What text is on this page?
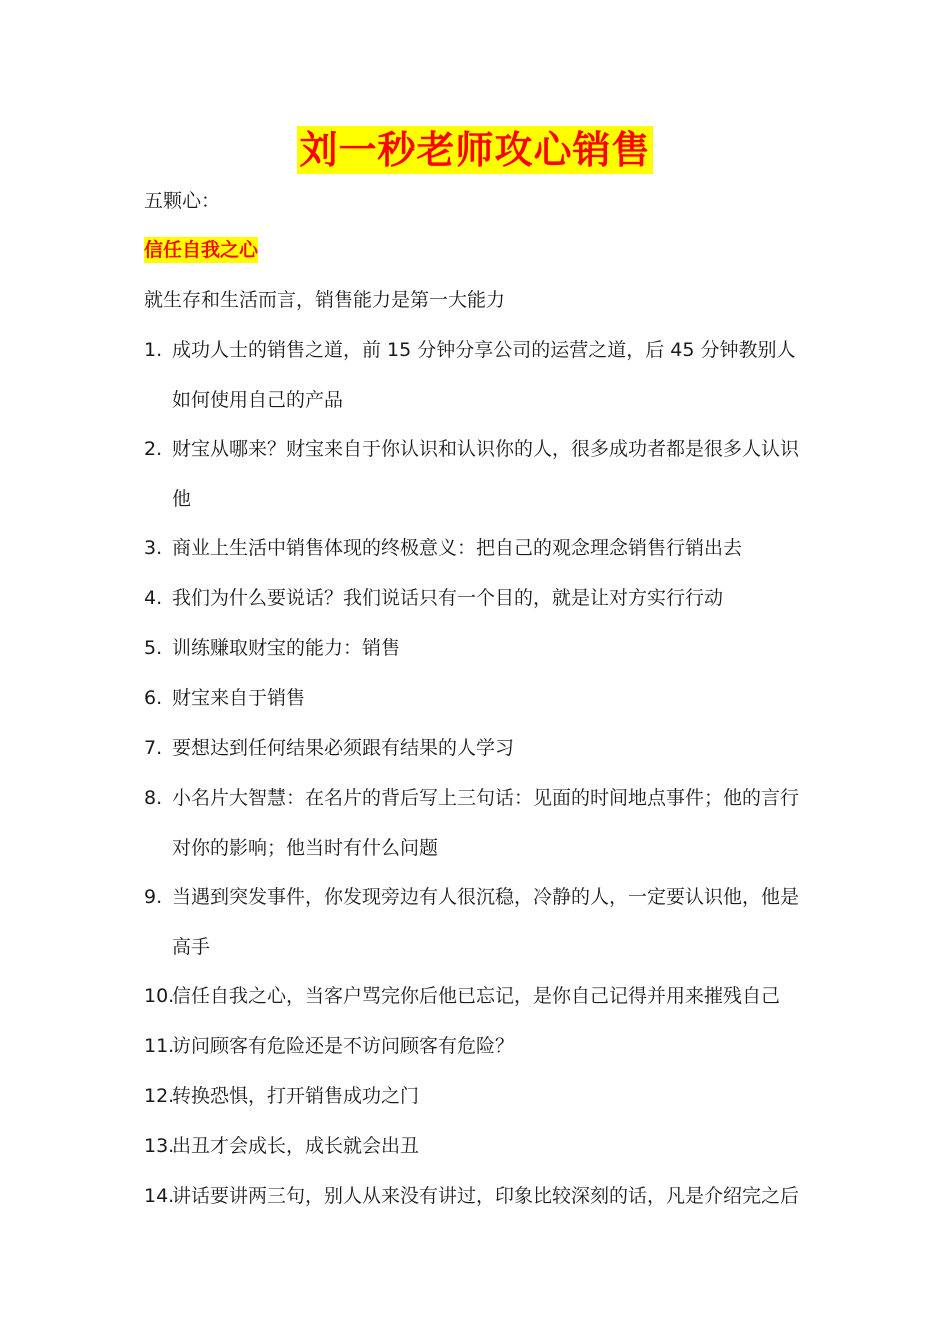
刘一秒老师攻心销售
五颗心：
信任自我之心
就生存和生活而言，销售能力是第一大能力
1. 成功人士的销售之道，前 15 分钟分享公司的运营之道，后 45 分钟教别人如何使用自己的产品
2. 财宝从哪来？财宝来自于你认识和认识你的人，很多成功者都是很多人认识他
3. 商业上生活中销售体现的终极意义：把自己的观念理念销售行销出去
4. 我们为什么要说话？我们说话只有一个目的，就是让对方实行行动
5. 训练赚取财宝的能力：销售
6. 财宝来自于销售
7. 要想达到任何结果必须跟有结果的人学习
8. 小名片大智慧：在名片的背后写上三句话：见面的时间地点事件；他的言行对你的影响；他当时有什么问题
9. 当遇到突发事件，你发现旁边有人很沉稳，冷静的人，一定要认识他，他是高手
10.
信任自我之心，当客户骂完你后他已忘记，是你自己记得并用来摧残自己
11.
访问顾客有危险还是不访问顾客有危险？
12.
转换恐惧，打开销售成功之门
13.
出丑才会成长，成长就会出丑
14.
讲话要讲两三句，别人从来没有讲过，印象比较深刻的话，凡是介绍完之后
